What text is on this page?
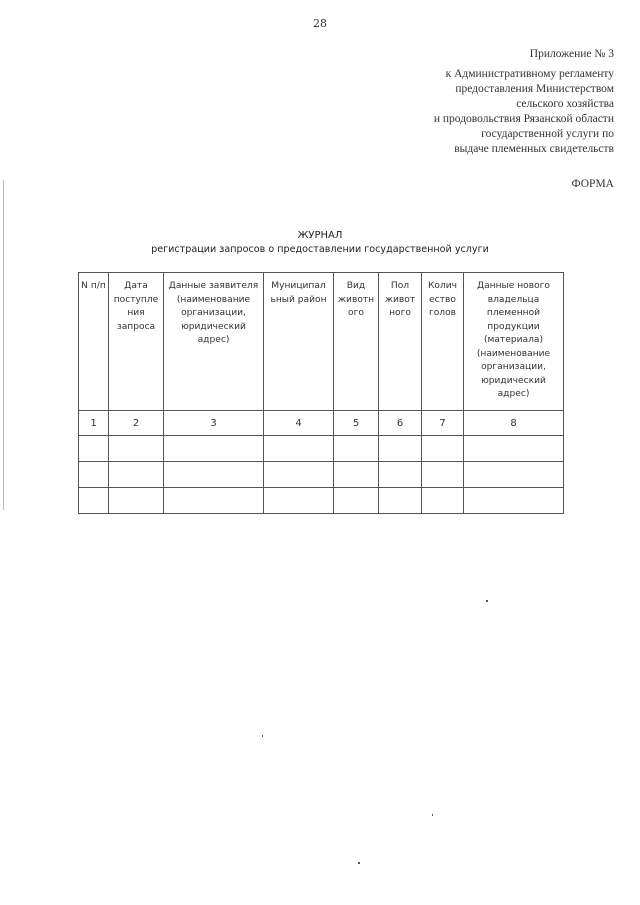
28
Приложение № 3
к Административному регламенту
предоставления Министерством
сельского хозяйства
и продовольствия Рязанской области
государственной услуги по
выдаче племенных свидетельств
ФОРМА
ЖУРНАЛ
регистрации запросов о предоставлении государственной услуги
N п/п	Дата поступле ния запроса	Данные заявителя (наименование организации, юридический адрес)	Муниципал ьный район	Вид животн ого	Пол живот ного	Колич ество голов	Данные нового владельца племенной продукции (материала) (наименование организации, юридический адрес)
1	2	3	4	5	6	7	8
